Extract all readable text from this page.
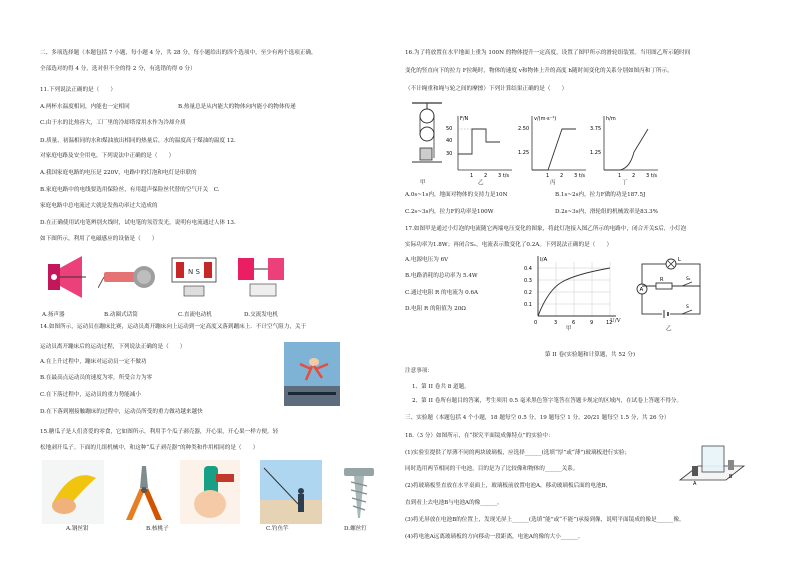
二、多项选择题（本题包括 7 小题，每小题 4 分，共 28 分，每小题给出的四个选项中，至少有两个选项正确，
全部选对的得 4 分，选对但不全的得 2 分，有选错的得 0 分）
11.下列说法正确的是（　　）
A.两杯水温度相同，内能也一定相同	B.热量总是从内能大的物体向内能小的物体传递
C.由于水的比热容大，工厂里的冷却塔常用水作为冷却介质
D.质量、初温相同的水和煤油放出相同的热量后，水的温度高于煤油的温度 12.
对家庭电路及安全用电，下列说法中正确的是（　　）
A.我国家庭电路的电压是 220V，电路中的灯泡和电灯是串联的
B.家庭电路中的电线要选用保险丝，有用超声保险丝代替的空气开关　C.
家庭电路中总电流过大就是发热功率过大造成的
D.在正确使用试电笔辨别火线时，试电笔的氖管发光，说明有电流通过人体 13.
如下图所示，利用了电磁感应的设备是（　　）
N S
A.扬声器	B.动圈式话筒	C.直流电动机	D.交流发电机
14.如图所示，运动员在蹦床比赛，运动员离开蹦床向上运动到一定高度又落到蹦床上．不计空气阻力，关于
运动员离开蹦床后的运动过程，下列说法正确的是（　　）
A.在上升过程中，蹦床对运动员一定不做功
B.在最高点运动员的速度为零，所受合力为零
C.在下落过程中，运动员的重力势能减小
D.在下落到刚接触蹦床的过程中，运动员所受的重力做功越来越快
15.糖瓜子是人们喜爱的零食，它如图所示，利用手个瓜子剥壳器，开心果，开心果一样方便，轻
松地剥开瓜子。下面的几组机械中，和这种“瓜子剥壳器”的种类和作用相同的是（　　）
A.钢丝钳	B.核桃子	C.钓鱼竿	D.螺丝钉
16.为了将放置在水平地面上重为 100N 的物体提升一定高度，设置了图甲所示的滑轮组装置。当用图乙所示随时间
变化的竖直向下的拉力 F拉绳时，物体的速度 v和物体上升的高度 h随时间变化的关系分别如图丙和丁所示。
（不计绳重和绳与轮之间的摩擦）下列计算结果正确的是（　　）
甲
F/N
50
40
30
1 2 3 t/s
乙
v/(m·s⁻¹)
2.50
1.25
1 2 3 t/s
丙
h/m
3.75
1.25
1 2 3 t/s
丁
A.0s~1s内，地面对物体的支持力是10N	B.1s~2s内，拉力F做的功是187.5J
C.2s~3s内，拉力F的功率是100W	D.2s~3s内，滑轮组的机械效率是83.3%
17.如图甲是通过小灯泡的电流随它两端电压变化的图象，将此灯泡接入图乙所示的电路中，闭合开关S后，小灯泡
实际功率为1.8W；再闭合S₁，电流表示数变化了0.2A。下列说法正确的是（　　）
A.电源电压为 6V
B.电路消耗的总功率为 5.4W
C.通过电阻 R 的电流为 0.6A
D.电阻 R 的阻值为 20Ω
I/A
0.4
0.3
0.2
0.1
0	3	6	9	12
U/V
甲
L
A
R	S₁
S
乙
第 II 卷(实验题和计算题，共 52 分)
注意事项：
1、第 II 卷共 8 道题。
2、第 II 卷所有题目的答案，考生须用 0.5 毫米黑色签字笔答在答题卡规定的区域内，在试卷上答题不得分。
三、实验题（本题包括 4 个小题，18 题每空 0.5 分，19 题每空 1 分，20/21 题每空 1.5 分，共 26 分）
18.（3 分）如图所示，在“探究平面镜成像特点”的实验中：
(1)实验室提供了厚薄不同的两块玻璃板，应选择______(选填“厚”或“薄”)玻璃板进行实验；
同时选用两节相同的干电池，目的是为了比较像和物体的______关系。
(2)将玻璃板竖直放在水平桌面上，玻璃板前放置电池A，移动玻璃板后面的电池B，
直到看上去电池B与电池A的像______。
(3)将光屏放在电池B的位置上，发现光屏上______(选填“能”或“不能”)承接到像，说明平面镜成的像是______像。
(4)将电池A远离玻璃板的方向移动一段距离，电池A的像的大小______。
A
B
